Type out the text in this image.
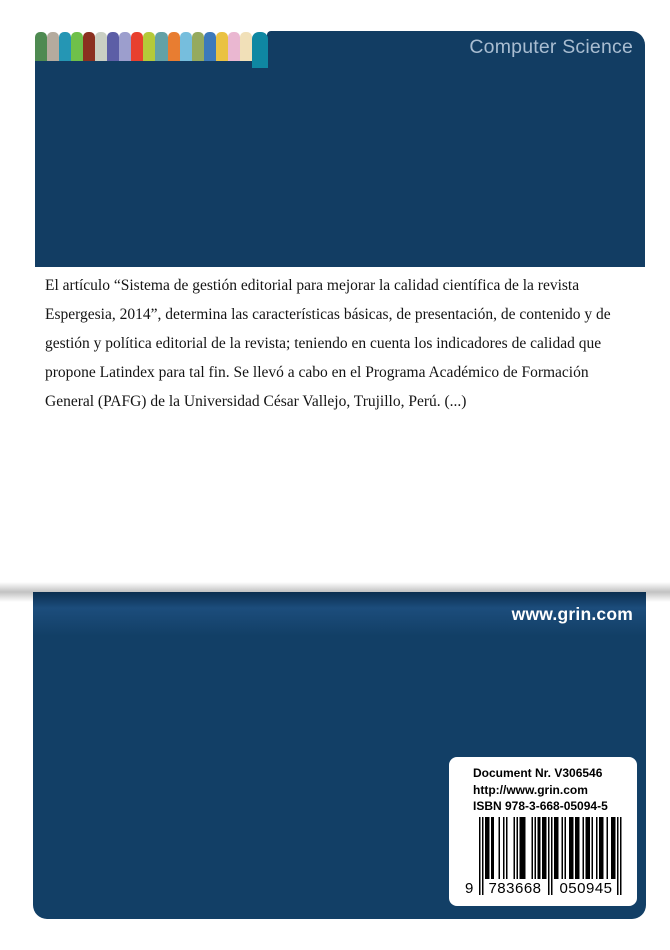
Computer Science
El artículo “Sistema de gestión editorial para mejorar la calidad científica de la revista Espergesia, 2014”, determina las características básicas, de presentación, de contenido y de gestión y política editorial de la revista; teniendo en cuenta los indicadores de calidad que propone Latindex para tal fin. Se llevó a cabo en el Programa Académico de Formación General (PAFG) de la Universidad César Vallejo, Trujillo, Perú. (...)
www.grin.com
Document Nr. V306546
http://www.grin.com
ISBN 978-3-668-05094-5
9 783668	050945
